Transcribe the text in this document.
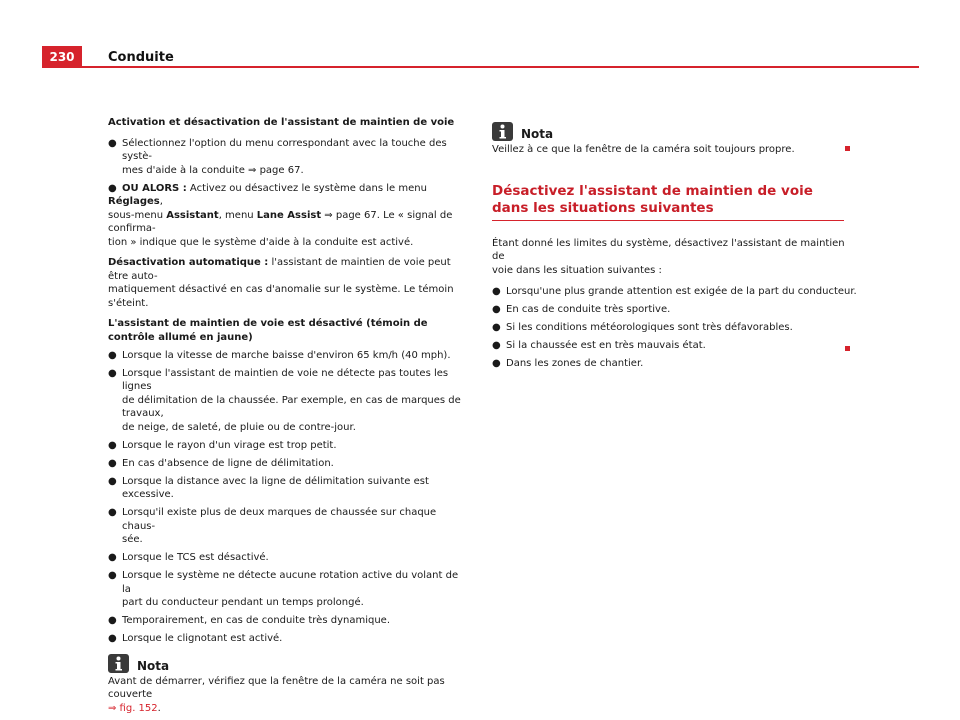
230	Conduite

Activation et désactivation de l'assistant de maintien de voie

● Sélectionnez l'option du menu correspondant avec la touche des systè-
mes d'aide à la conduite ⇒ page 67.

● OU ALORS : Activez ou désactivez le système dans le menu Réglages,
sous-menu Assistant, menu Lane Assist ⇒ page 67. Le « signal de confirma-
tion » indique que le système d'aide à la conduite est activé.

Désactivation automatique : l'assistant de maintien de voie peut être auto-
matiquement désactivé en cas d'anomalie sur le système. Le témoin
s'éteint.

L'assistant de maintien de voie est désactivé (témoin de contrôle allumé en jaune)

● Lorsque la vitesse de marche baisse d'environ 65 km/h (40 mph).
● Lorsque l'assistant de maintien de voie ne détecte pas toutes les lignes
de délimitation de la chaussée. Par exemple, en cas de marques de travaux,
de neige, de saleté, de pluie ou de contre-jour.
● Lorsque le rayon d'un virage est trop petit.
● En cas d'absence de ligne de délimitation.
● Lorsque la distance avec la ligne de délimitation suivante est excessive.
● Lorsqu'il existe plus de deux marques de chaussée sur chaque chaus-
sée.
● Lorsque le TCS est désactivé.
● Lorsque le système ne détecte aucune rotation active du volant de la
part du conducteur pendant un temps prolongé.
● Temporairement, en cas de conduite très dynamique.
● Lorsque le clignotant est activé.
Nota

Avant de démarrer, vérifiez que la fenêtre de la caméra ne soit pas couverte
⇒ fig. 152.

Nota

Veillez à ce que la fenêtre de la caméra soit toujours propre.

Désactivez l'assistant de maintien de voie dans les situations suivantes

Étant donné les limites du système, désactivez l'assistant de maintien de
voie dans les situation suivantes :

● Lorsqu'une plus grande attention est exigée de la part du conducteur.
● En cas de conduite très sportive.
● Si les conditions météorologiques sont très défavorables.
● Si la chaussée est en très mauvais état.
● Dans les zones de chantier.
